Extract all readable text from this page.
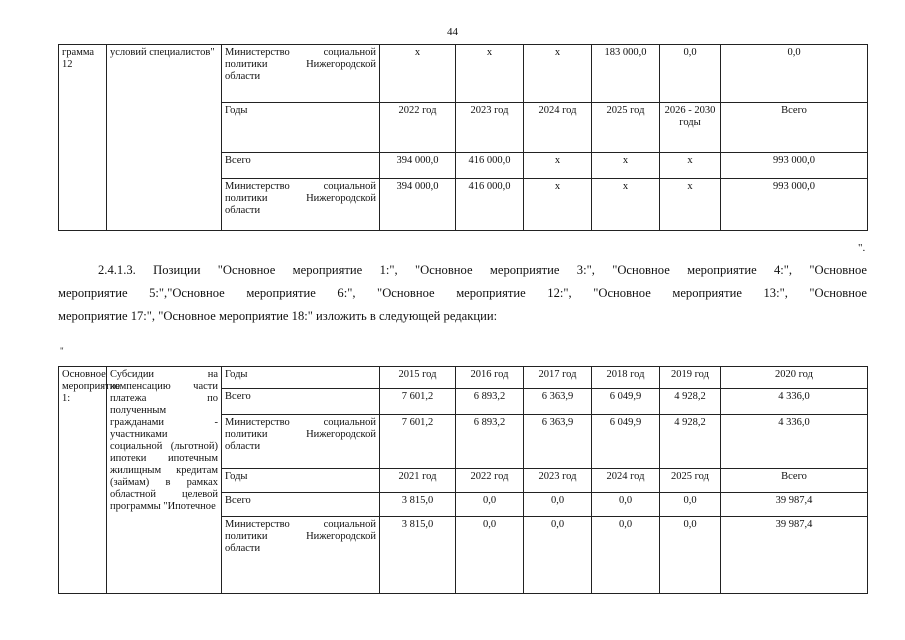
44
грамма 12	условий специалистов"	Министерство социальной политики Нижегородской области	х	х	х	183 000,0	0,0	0,0
		Годы	2022 год	2023 год	2024 год	2025 год	2026 - 2030 годы	Всего
		Всего	394 000,0	416 000,0	х	х	х	993 000,0
		Министерство социальной политики Нижегородской области	394 000,0	416 000,0	х	х	х	993 000,0
".
2.4.1.3. Позиции "Основное мероприятие 1:", "Основное мероприятие 3:", "Основное мероприятие 4:", "Основное
мероприятие 5:","Основное мероприятие 6:", "Основное мероприятие 12:", "Основное мероприятие 13:", "Основное
мероприятие 17:", "Основное мероприятие 18:" изложить в следующей редакции:
"
Основное мероприятие 1:	Субсидии на компенсацию части платежа по полученным гражданами - участниками социальной (льготной) ипотеки ипотечным жилищным кредитам (займам) в рамках областной целевой программы "Ипотечное	Годы	2015 год	2016 год	2017 год	2018 год	2019 год	2020 год
		Всего	7 601,2	6 893,2	6 363,9	6 049,9	4 928,2	4 336,0
		Министерство социальной политики Нижегородской области	7 601,2	6 893,2	6 363,9	6 049,9	4 928,2	4 336,0
		Годы	2021 год	2022 год	2023 год	2024 год	2025 год	Всего
		Всего	3 815,0	0,0	0,0	0,0	0,0	39 987,4
		Министерство социальной политики Нижегородской области	3 815,0	0,0	0,0	0,0	0,0	39 987,4
